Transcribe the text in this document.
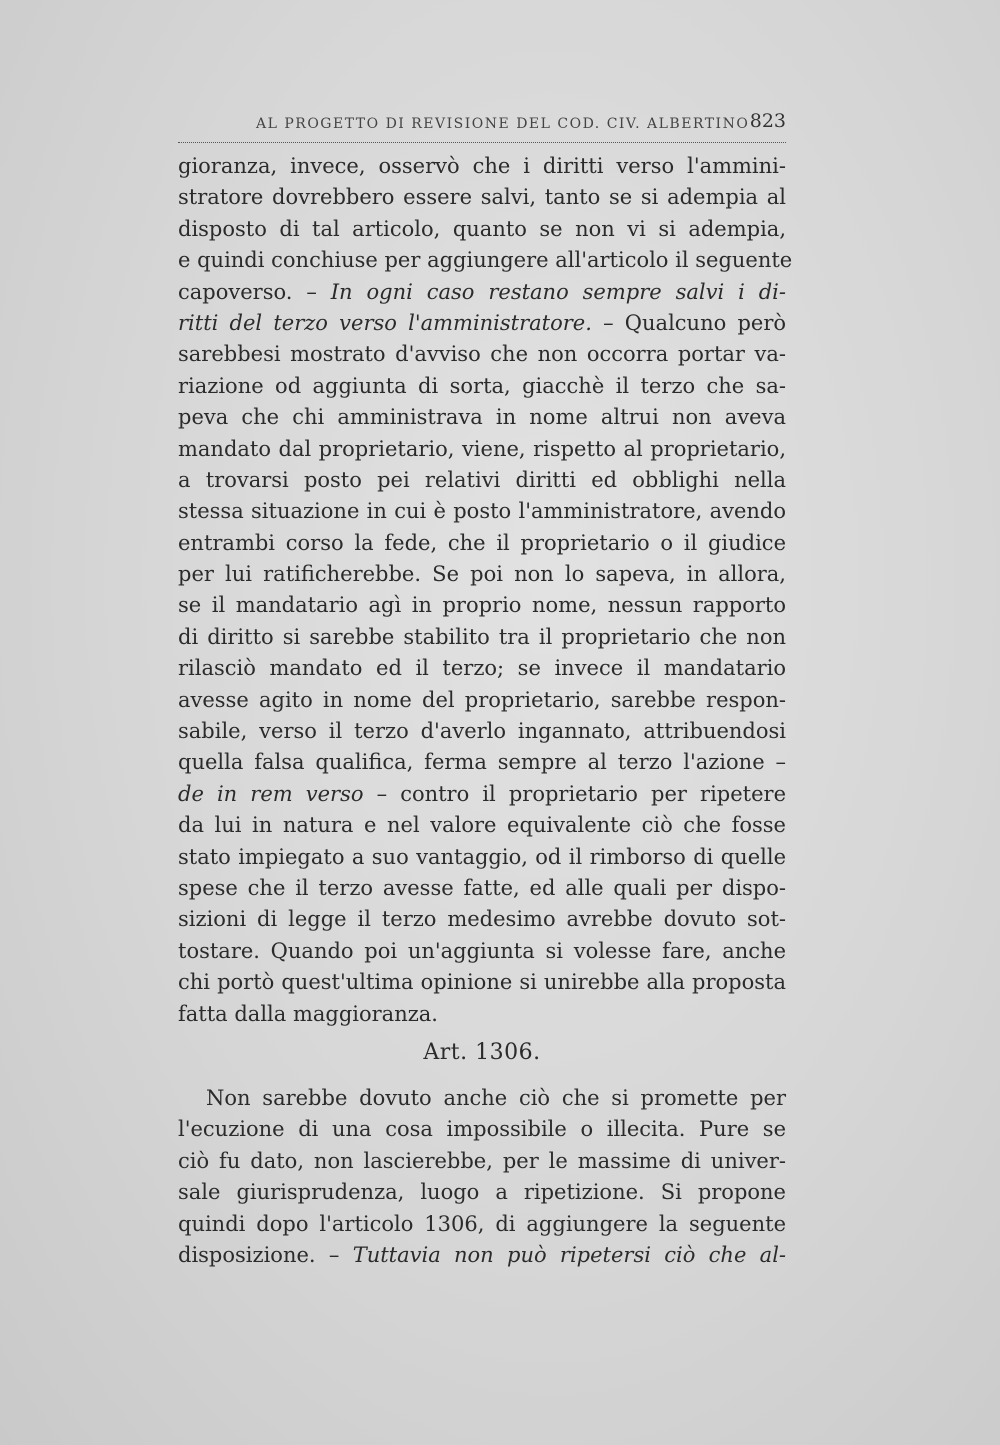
AL PROGETTO DI REVISIONE DEL COD. CIV. ALBERTINO 823
gioranza, invece, osservò che i diritti verso l'ammini-
stratore dovrebbero essere salvi, tanto se si adempia al
disposto di tal articolo, quanto se non vi si adempia,
e quindi conchiuse per aggiungere all'articolo il seguente
capoverso. – In ogni caso restano sempre salvi i di-
ritti del terzo verso l'amministratore. – Qualcuno però
sarebbesi mostrato d'avviso che non occorra portar va-
riazione od aggiunta di sorta, giacchè il terzo che sa-
peva che chi amministrava in nome altrui non aveva
mandato dal proprietario, viene, rispetto al proprietario,
a trovarsi posto pei relativi diritti ed obblighi nella
stessa situazione in cui è posto l'amministratore, avendo
entrambi corso la fede, che il proprietario o il giudice
per lui ratificherebbe. Se poi non lo sapeva, in allora,
se il mandatario agì in proprio nome, nessun rapporto
di diritto si sarebbe stabilito tra il proprietario che non
rilasciò mandato ed il terzo; se invece il mandatario
avesse agito in nome del proprietario, sarebbe respon-
sabile, verso il terzo d'averlo ingannato, attribuendosi
quella falsa qualifica, ferma sempre al terzo l'azione –
de in rem verso – contro il proprietario per ripetere
da lui in natura e nel valore equivalente ciò che fosse
stato impiegato a suo vantaggio, od il rimborso di quelle
spese che il terzo avesse fatte, ed alle quali per dispo-
sizioni di legge il terzo medesimo avrebbe dovuto sot-
tostare. Quando poi un'aggiunta si volesse fare, anche
chi portò quest'ultima opinione si unirebbe alla proposta
fatta dalla maggioranza.
Art. 1306.
Non sarebbe dovuto anche ciò che si promette per
l'ecuzione di una cosa impossibile o illecita. Pure se
ciò fu dato, non lascierebbe, per le massime di univer-
sale giurisprudenza, luogo a ripetizione. Si propone
quindi dopo l'articolo 1306, di aggiungere la seguente
disposizione. – Tuttavia non può ripetersi ciò che al-
